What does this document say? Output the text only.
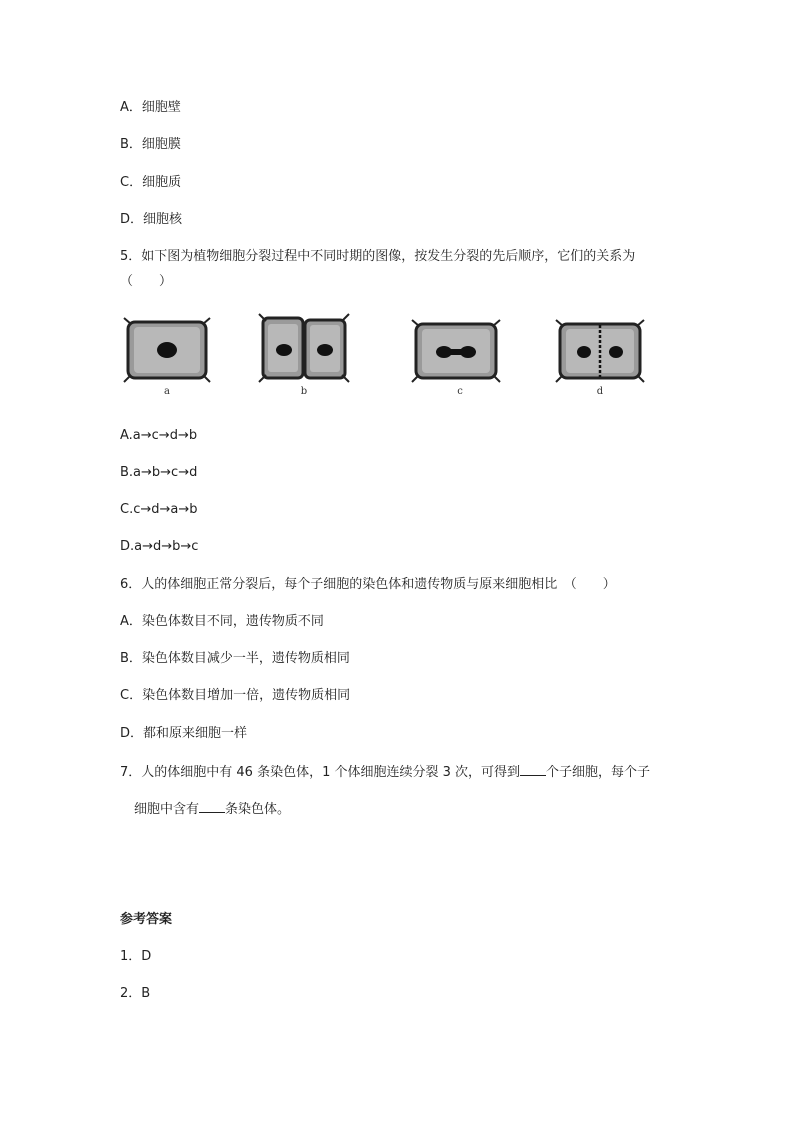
A．细胞壁
B．细胞膜
C．细胞质
D．细胞核
5．如下图为植物细胞分裂过程中不同时期的图像，按发生分裂的先后顺序，它们的关系为
（　　）
a	b	c	d
A.a→c→d→b
B.a→b→c→d
C.c→d→a→b
D.a→d→b→c
6．人的体细胞正常分裂后，每个子细胞的染色体和遗传物质与原来细胞相比　（　　）
A．染色体数目不同，遗传物质不同
B．染色体数目减少一半，遗传物质相同
C．染色体数目增加一倍，遗传物质相同
D．都和原来细胞一样
7．人的体细胞中有 46 条染色体，1 个体细胞连续分裂 3 次，可得到 个子细胞，每个子
细胞中含有 条染色体。
参考答案
1．D
2．B
